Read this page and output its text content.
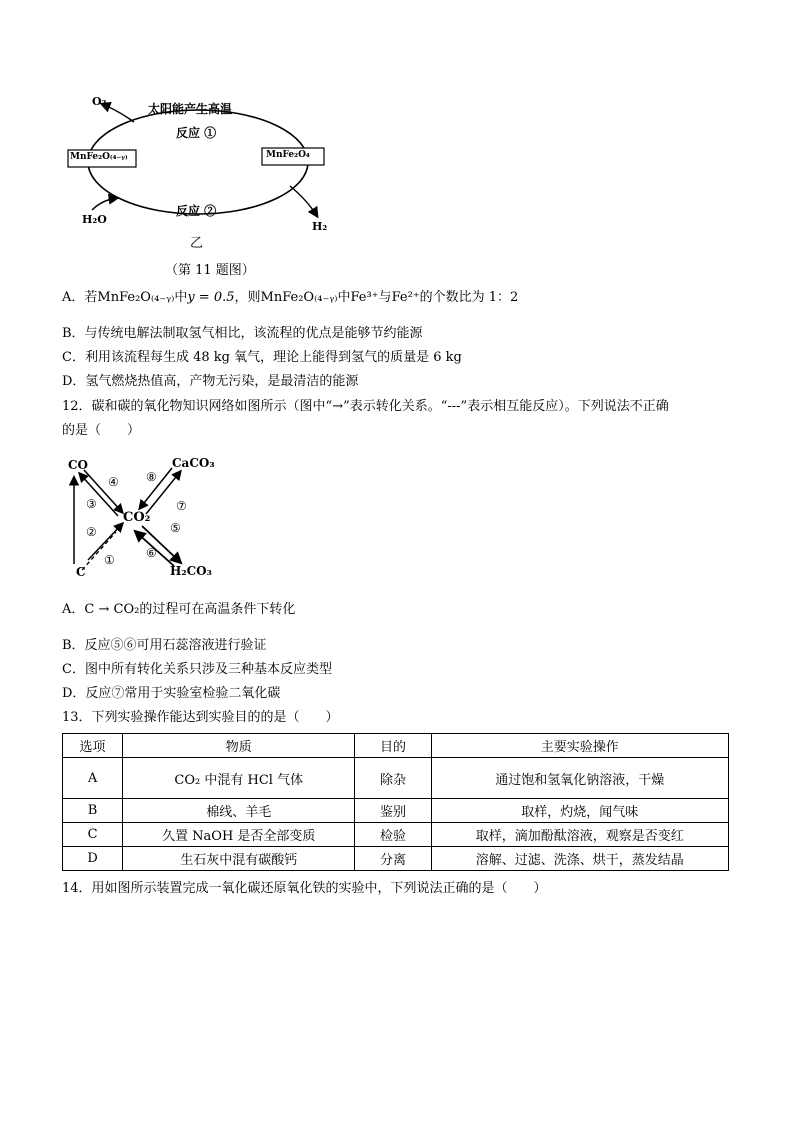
O₂
太阳能产生高温
反应 ①
MnFe₂O₍₄₋ᵧ₎	MnFe₂O₄
反应 ②
H₂O
H₂
乙
（第 11 题图）
A．若MnFe₂O₍₄₋ᵧ₎中y = 0.5，则MnFe₂O₍₄₋ᵧ₎中Fe³⁺与Fe²⁺的个数比为 1：2
B．与传统电解法制取氢气相比，该流程的优点是能够节约能源
C．利用该流程每生成 48 kg 氧气，理论上能得到氢气的质量是 6 kg
D．氢气燃烧热值高，产物无污染，是最清洁的能源
12．碳和碳的氧化物知识网络如图所示（图中“→”表示转化关系。“---”表示相互能反应）。下列说法不正确
的是（　　）
CO	CaCO₃
CO₂
C	H₂CO₃
①
②
③
④
⑤
⑥
⑦
⑧
A．C → CO₂的过程可在高温条件下转化
B．反应⑤⑥可用石蕊溶液进行验证
C．图中所有转化关系只涉及三种基本反应类型
D．反应⑦常用于实验室检验二氧化碳
13．下列实验操作能达到实验目的的是（　　）
选项	物质	目的	主要实验操作
A	CO₂ 中混有 HCl 气体	除杂	通过饱和氢氧化钠溶液，干燥
B	棉线、羊毛	鉴别	取样，灼烧，闻气味
C	久置 NaOH 是否全部变质	检验	取样，滴加酚酞溶液，观察是否变红
D	生石灰中混有碳酸钙	分离	溶解、过滤、洗涤、烘干，蒸发结晶
14．用如图所示装置完成一氧化碳还原氧化铁的实验中，下列说法正确的是（　　）
